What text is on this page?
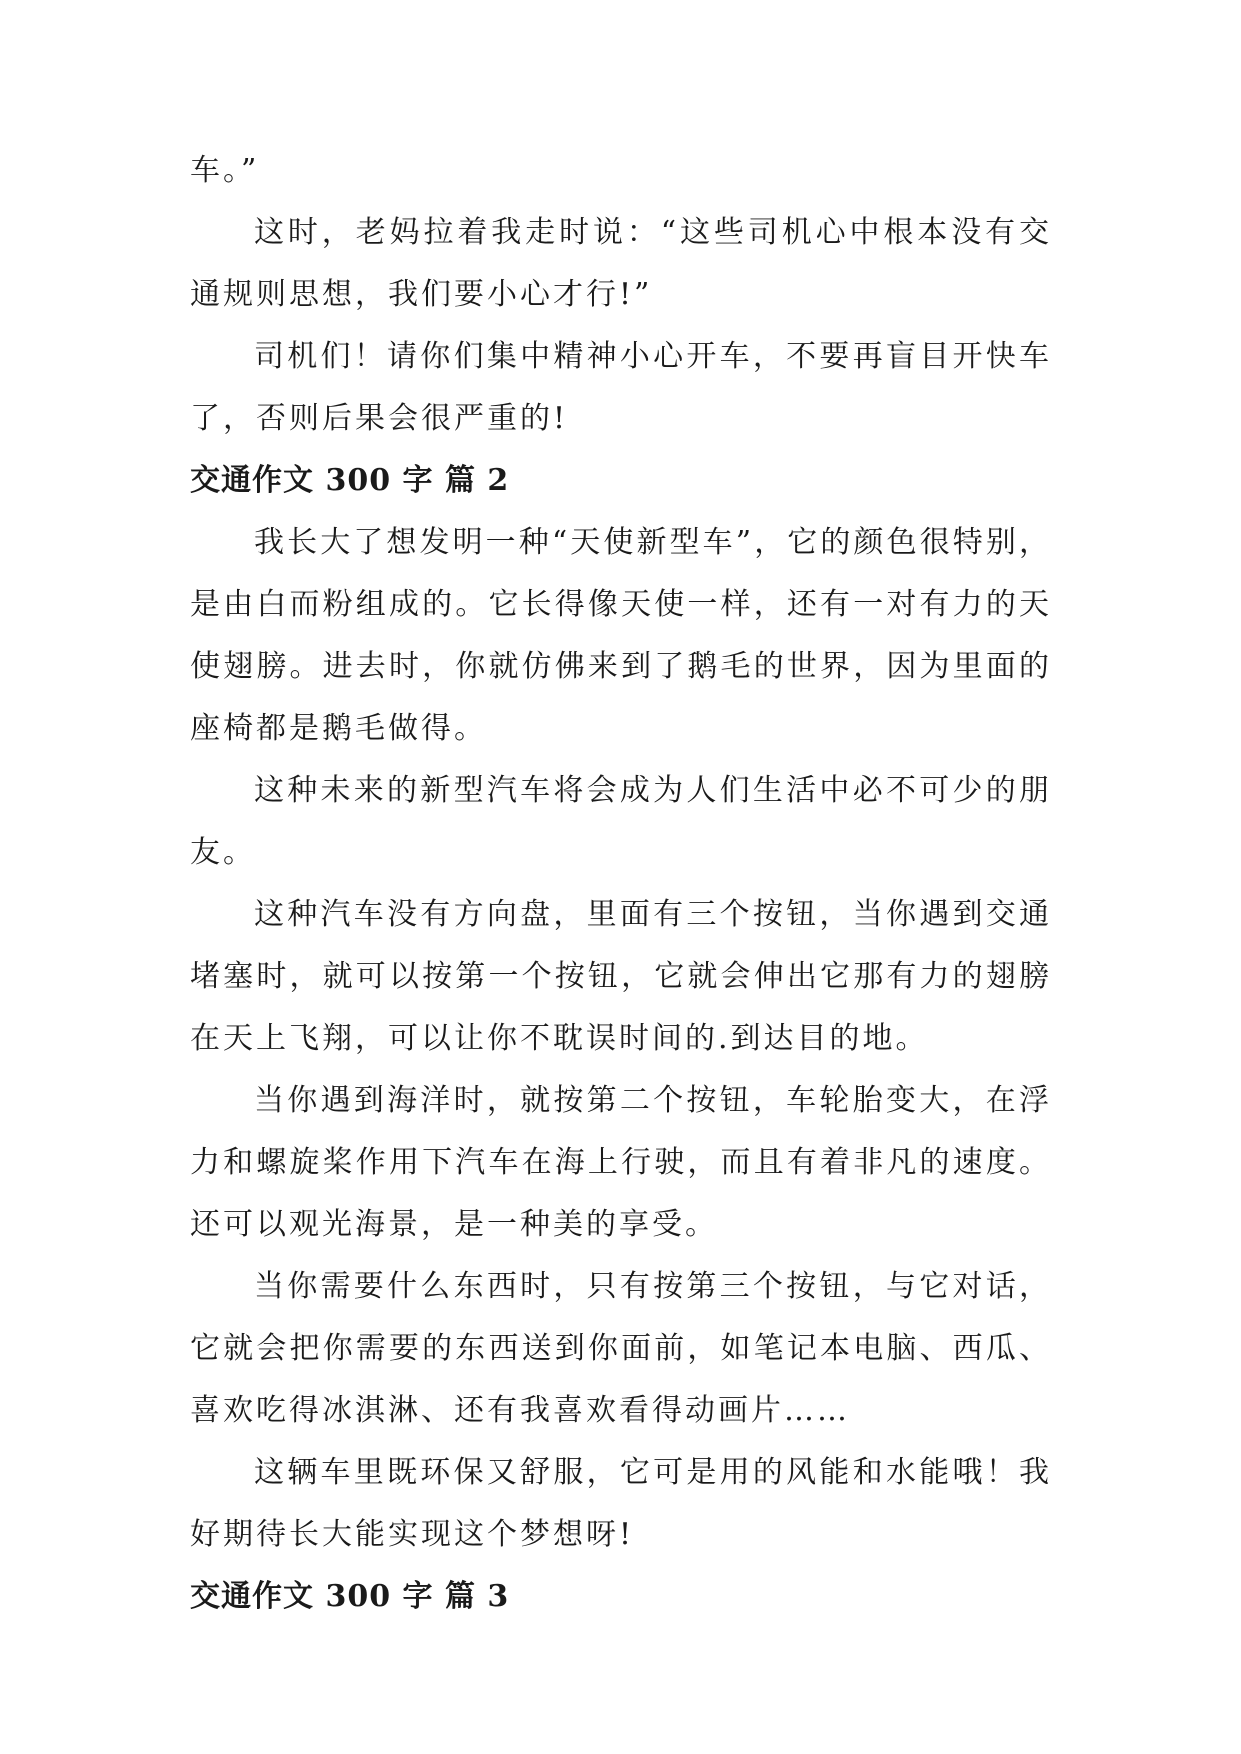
车。”

这时，老妈拉着我走时说：“这些司机心中根本没有交通规则思想，我们要小心才行!”

司机们！请你们集中精神小心开车，不要再盲目开快车了，否则后果会很严重的!

交通作文 300 字 篇 2

我长大了想发明一种“天使新型车”，它的颜色很特别，是由白而粉组成的。它长得像天使一样，还有一对有力的天使翅膀。进去时，你就仿佛来到了鹅毛的世界，因为里面的座椅都是鹅毛做得。

这种未来的新型汽车将会成为人们生活中必不可少的朋友。

这种汽车没有方向盘，里面有三个按钮，当你遇到交通堵塞时，就可以按第一个按钮，它就会伸出它那有力的翅膀在天上飞翔，可以让你不耽误时间的.到达目的地。

当你遇到海洋时，就按第二个按钮，车轮胎变大，在浮力和螺旋桨作用下汽车在海上行驶，而且有着非凡的速度。还可以观光海景，是一种美的享受。

当你需要什么东西时，只有按第三个按钮，与它对话，它就会把你需要的东西送到你面前，如笔记本电脑、西瓜、喜欢吃得冰淇淋、还有我喜欢看得动画片……

这辆车里既环保又舒服，它可是用的风能和水能哦！我好期待长大能实现这个梦想呀!

交通作文 300 字 篇 3
